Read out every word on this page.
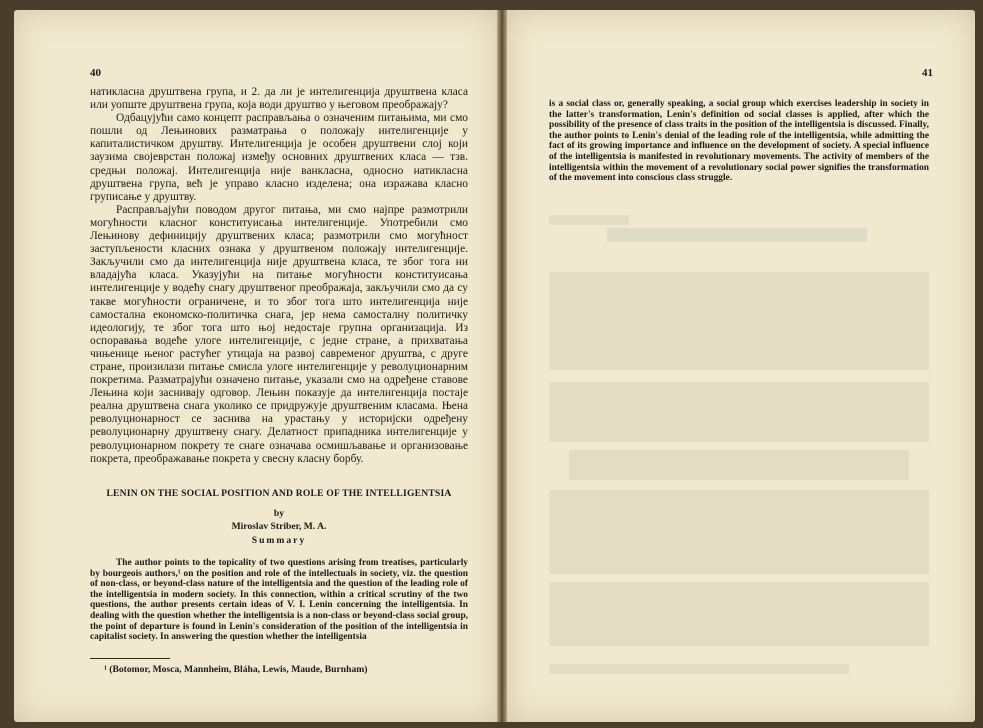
40

натикласна друштвена група, и 2. да ли је интелигенција друштвена класа или уопште друштвена група, која води друштво у његовом преображају?

Одбацујући само концепт расправљања о означеним питањима, ми смо пошли од Лењинових разматрања о положају интелигенције у капиталистичком друштву. Интелигенција је особен друштвени слој који заузима својеврстан положај између основних друштвених класа — тзв. средњи положај. Интелигенција није ванкласна, односно натикласна друштвена група, већ је управо класно изделена; она изражава класно груписање у друштву.

Расправљајући поводом другог питања, ми смо најпре размотрили могућности класног конституисања интелигенције. Употребили смо Лењинову дефиницију друштвених класа; размотрили смо могућност заступљености класних ознака у друштвеном положају интелигенције. Закључили смо да интелигенција није друштвена класа, те због тога ни владајућа класа. Указујући на питање могућности конституисања интелигенције у водећу снагу друштвеног преображаја, закључили смо да су такве могућности ограничене, и то због тога што интелигенција није самостална економско-политичка снага, јер нема самосталну политичку идеологију, те због тога што њој недостаје групна организација. Из оспоравања водеће улоге интелигенције, с једне стране, а прихватања чињенице њеног растућег утицаја на развој савременог друштва, с друге стране, произилази питање смисла улоге интелигенције у револуционарним покретима. Разматрајући означено питање, указали смо на одређене ставове Лењина који заснивају одговор. Лењин показује да интелигенција постаје реална друштвена снага уколико се придружује друштвеним класама. Њена револуционарност се заснива на урастању у историјски одређену револуционарну друштвену снагу. Делатност припадника интелигенције у револуционарном покрету те снаге означава осмишљавање и организовање покрета, преображавање покрета у свесну класну борбу.

LENIN ON THE SOCIAL POSITION AND ROLE OF THE INTELLIGENTSIA

by

Miroslav Striber, M. A.

Summary

The author points to the topicality of two questions arising from treatises, particularly by bourgeois authors,¹ on the position and role of the intellectuals in society, viz. the question of non-class, or beyond-class nature of the intelligentsia and the question of the leading role of the intelligentsia in modern society. In this connection, within a critical scrutiny of the two questions, the author presents certain ideas of V. I. Lenin concerning the intelligentsia. In dealing with the question whether the intelligentsia is a non-class or beyond-class social group, the point of departure is found in Lenin's consideration of the position of the intelligentsia in capitalist society. In answering the question whether the intelligentsia

¹ (Botomor, Mosca, Mannheim, Bláha, Lewis, Maude, Burnham)
41

is a social class or, generally speaking, a social group which exercises leadership in society in the latter's transformation, Lenin's definition od social classes is applied, after which the possibility of the presence of class traits in the position of the intelligentsia is discussed. Finally, the author points to Lenin's denial of the leading role of the intelligentsia, while admitting the fact of its growing importance and influence on the development of society. A special influence of the intelligentsia is manifested in revolutionary movements. The activity of members of the intelligentsia within the movement of a revolutionary social power signifies the transformation of the movement into conscious class struggle.
